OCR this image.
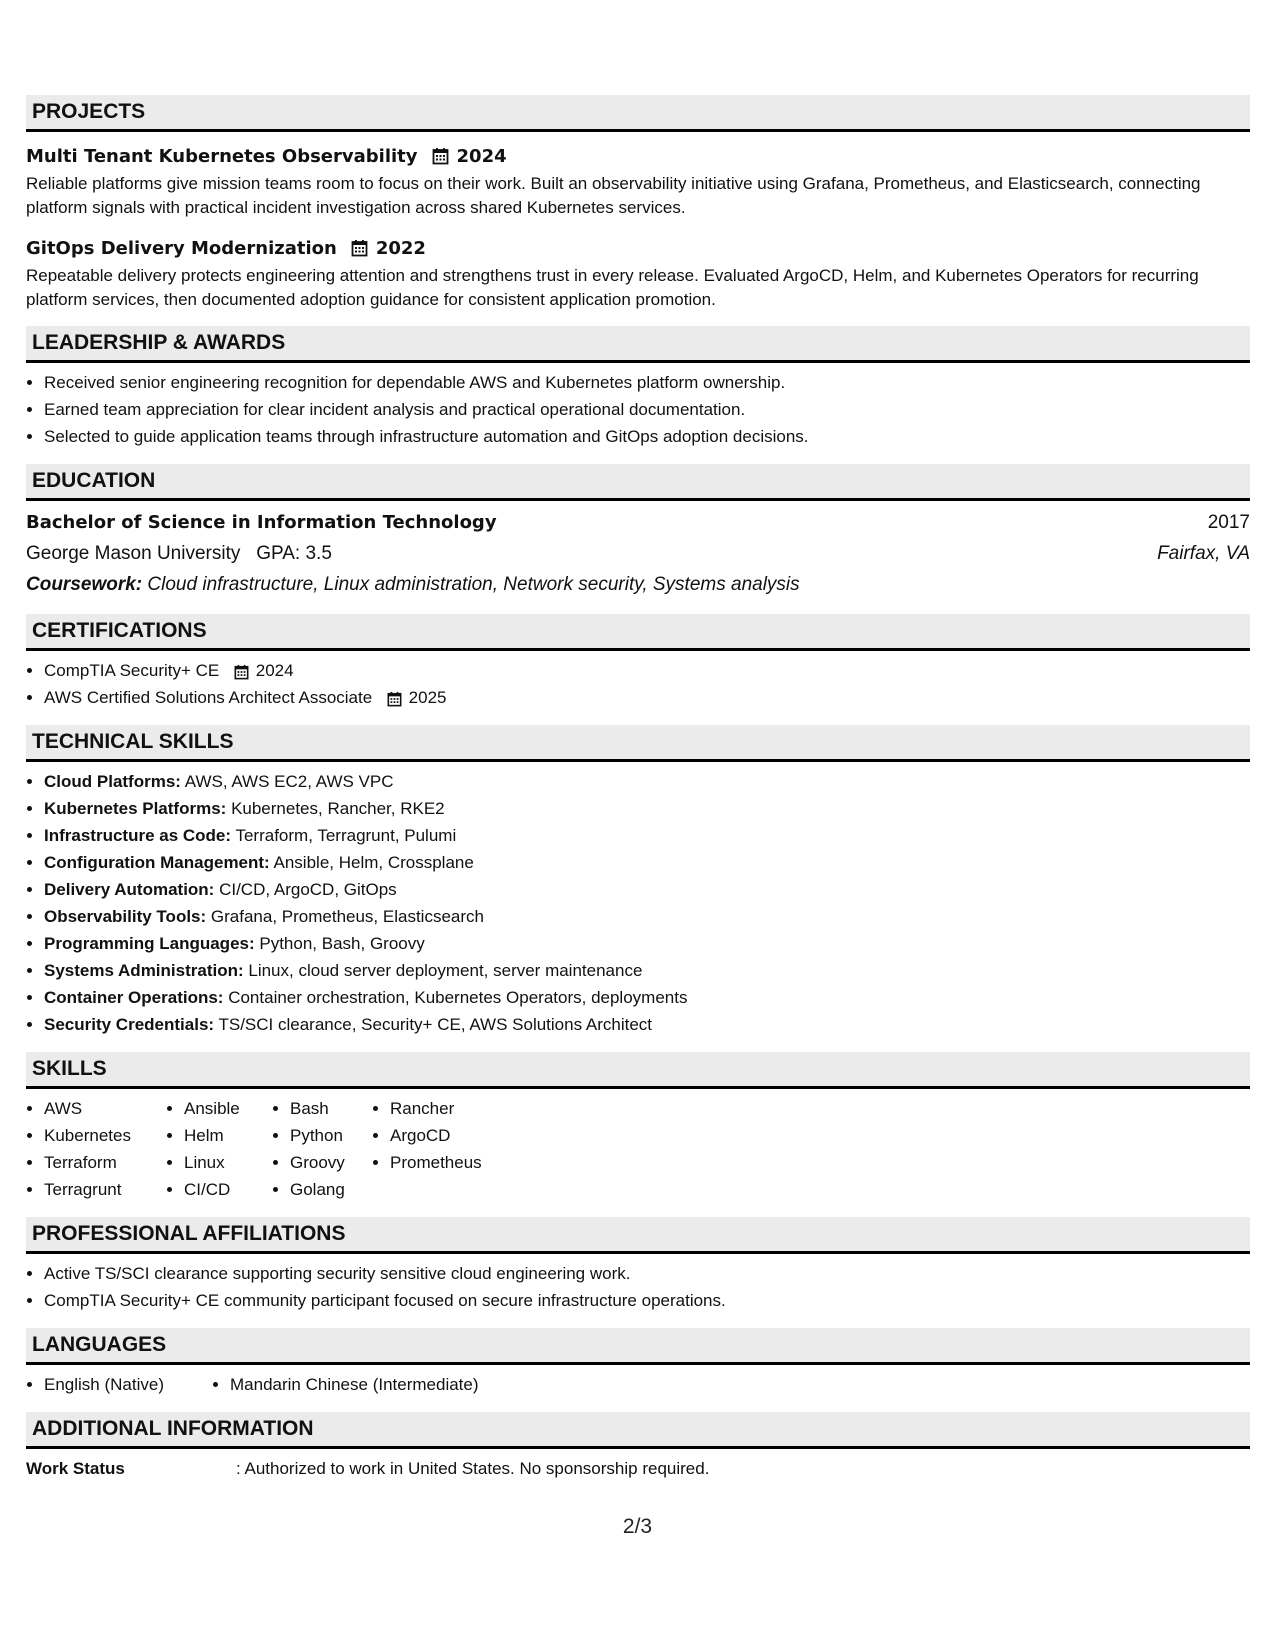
PROJECTS
Multi Tenant Kubernetes Observability 2024
Reliable platforms give mission teams room to focus on their work. Built an observability initiative using Grafana, Prometheus, and Elasticsearch, connecting platform signals with practical incident investigation across shared Kubernetes services.
GitOps Delivery Modernization 2022
Repeatable delivery protects engineering attention and strengthens trust in every release. Evaluated ArgoCD, Helm, and Kubernetes Operators for recurring platform services, then documented adoption guidance for consistent application promotion.
LEADERSHIP & AWARDS
• Received senior engineering recognition for dependable AWS and Kubernetes platform ownership.
• Earned team appreciation for clear incident analysis and practical operational documentation.
• Selected to guide application teams through infrastructure automation and GitOps adoption decisions.
EDUCATION
Bachelor of Science in Information Technology	2017
George Mason University GPA: 3.5	Fairfax, VA
Coursework:
Cloud infrastructure, Linux administration, Network security, Systems analysis
CERTIFICATIONS
• CompTIA Security+ CE 2024
• AWS Certified Solutions Architect Associate 2025
TECHNICAL SKILLS
• Cloud Platforms: AWS, AWS EC2, AWS VPC
• Kubernetes Platforms: Kubernetes, Rancher, RKE2
• Infrastructure as Code: Terraform, Terragrunt, Pulumi
• Configuration Management: Ansible, Helm, Crossplane
• Delivery Automation: CI/CD, ArgoCD, GitOps
• Observability Tools: Grafana, Prometheus, Elasticsearch
• Programming Languages: Python, Bash, Groovy
• Systems Administration: Linux, cloud server deployment, server maintenance
• Container Operations: Container orchestration, Kubernetes Operators, deployments
• Security Credentials: TS/SCI clearance, Security+ CE, AWS Solutions Architect
SKILLS
• AWS
• Kubernetes
• Terraform
• Terragrunt
• Ansible
• Helm
• Linux
• CI/CD
• Bash
• Python
• Groovy
• Golang
• Rancher
• ArgoCD
• Prometheus
PROFESSIONAL AFFILIATIONS
• Active TS/SCI clearance supporting security sensitive cloud engineering work.
• CompTIA Security+ CE community participant focused on secure infrastructure operations.
LANGUAGES
• English (Native)
•	Mandarin Chinese (Intermediate)
ADDITIONAL INFORMATION
Work Status	: Authorized to work in United States. No sponsorship required.
2/3
